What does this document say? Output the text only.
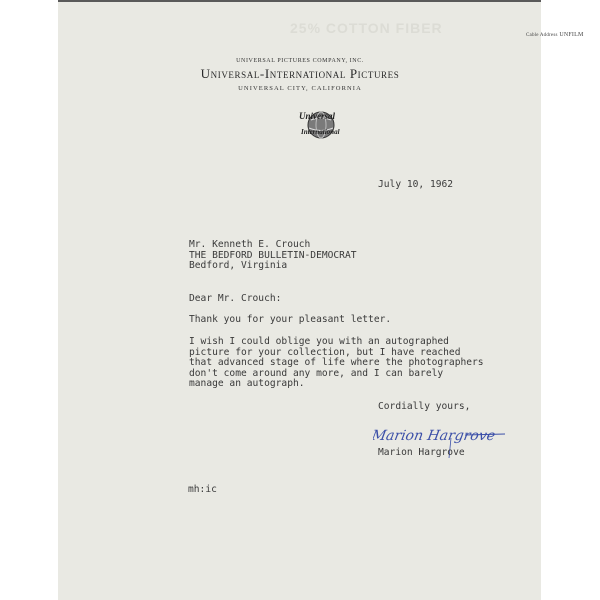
25% COTTON FIBER	Cable Address UNFILM
UNIVERSAL PICTURES COMPANY, INC.
Universal-International Pictures
UNIVERSAL CITY, CALIFORNIA
Universal
International
July 10, 1962
Mr. Kenneth E. Crouch
THE BEDFORD BULLETIN-DEMOCRAT
Bedford, Virginia
Dear Mr. Crouch:
Thank you for your pleasant letter.
I wish I could oblige you with an autographed
picture for your collection, but I have reached
that advanced stage of life where the photographers
don't come around any more, and I can barely
manage an autograph.
Cordially yours,
Marion Hargrove
Marion Hargrove
mh:ic
